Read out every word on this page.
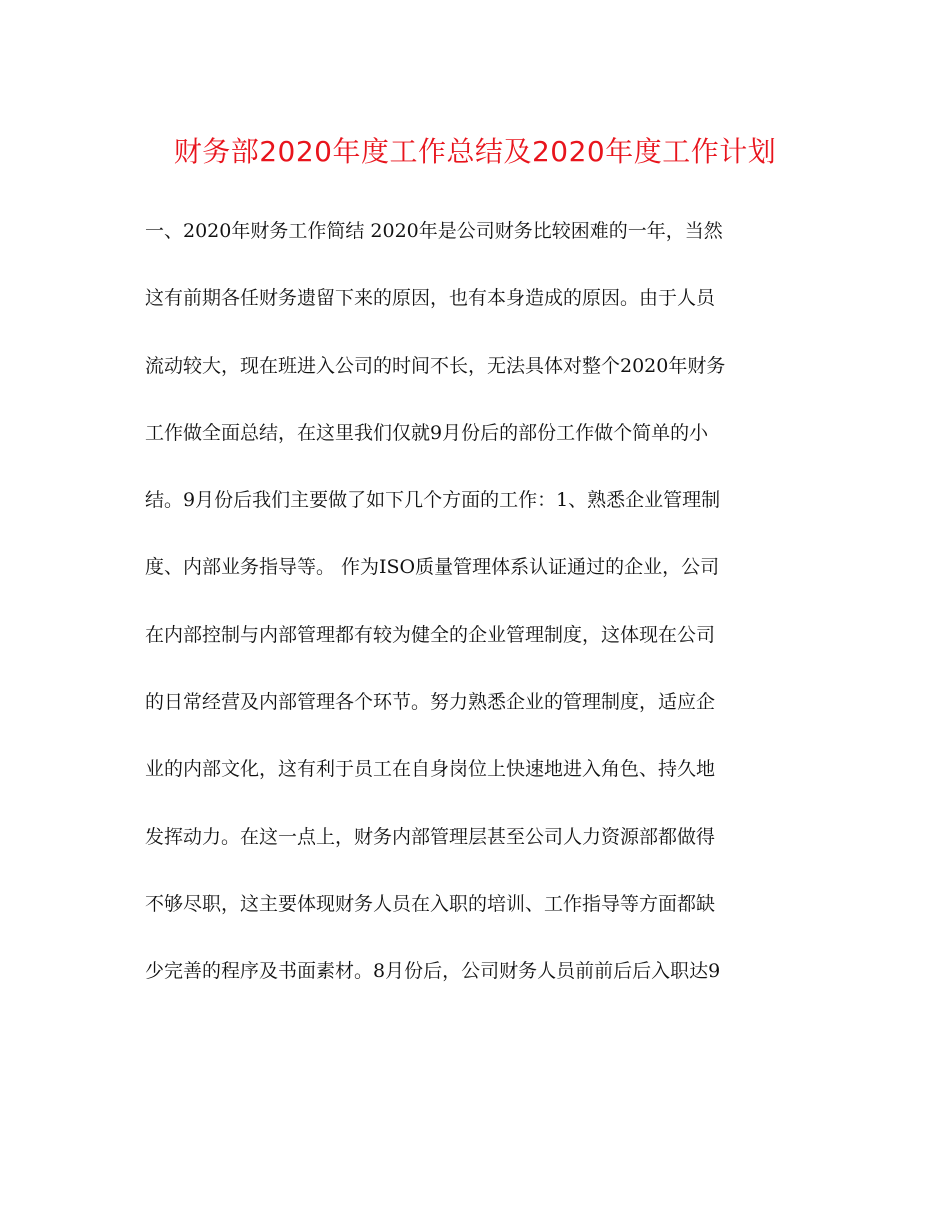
财务部2020年度工作总结及2020年度工作计划
一、2020年财务工作简结 2020年是公司财务比较困难的一年，当然
这有前期各任财务遗留下来的原因，也有本身造成的原因。由于人员
流动较大，现在班进入公司的时间不长，无法具体对整个2020年财务
工作做全面总结，在这里我们仅就9月份后的部份工作做个简单的小
结。9月份后我们主要做了如下几个方面的工作：1、熟悉企业管理制
度、内部业务指导等。 作为ISO质量管理体系认证通过的企业，公司
在内部控制与内部管理都有较为健全的企业管理制度，这体现在公司
的日常经营及内部管理各个环节。努力熟悉企业的管理制度，适应企
业的内部文化，这有利于员工在自身岗位上快速地进入角色、持久地
发挥动力。在这一点上，财务内部管理层甚至公司人力资源部都做得
不够尽职，这主要体现财务人员在入职的培训、工作指导等方面都缺
少完善的程序及书面素材。8月份后，公司财务人员前前后后入职达9
